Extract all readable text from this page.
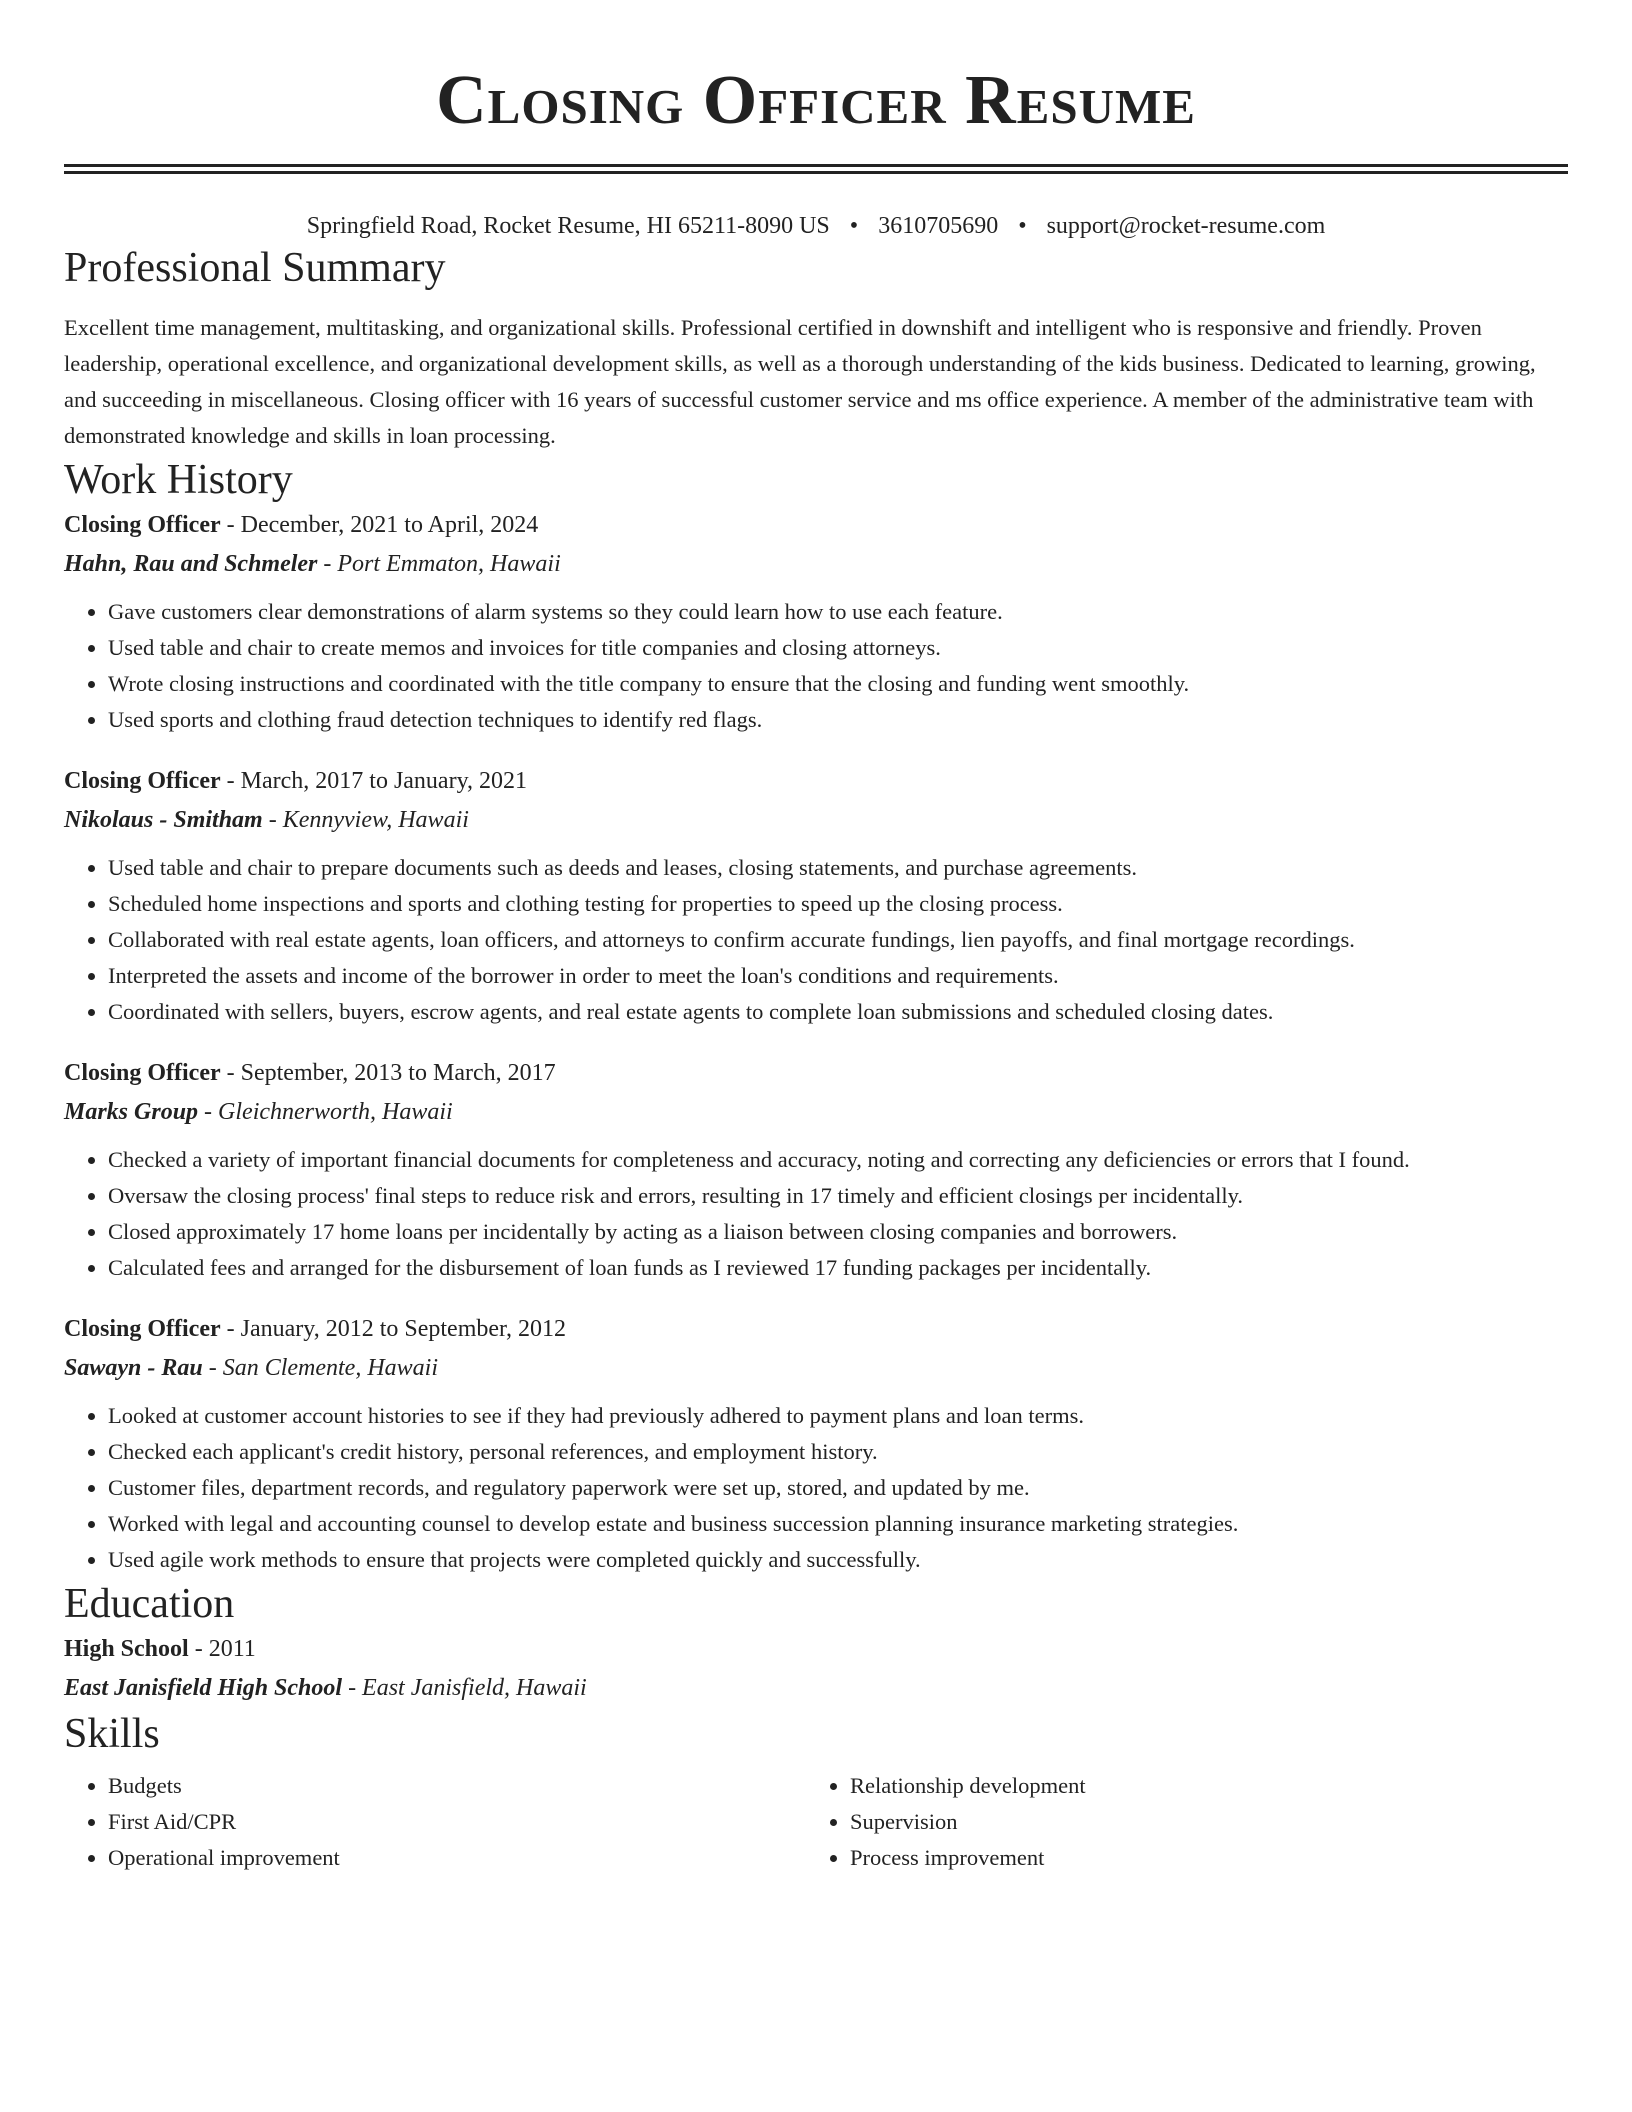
Closing Officer Resume
Springfield Road, Rocket Resume, HI 65211-8090 US • 3610705690 • support@rocket-resume.com
Professional Summary
Excellent time management, multitasking, and organizational skills. Professional certified in downshift and intelligent who is responsive and friendly. Proven leadership, operational excellence, and organizational development skills, as well as a thorough understanding of the kids business. Dedicated to learning, growing, and succeeding in miscellaneous. Closing officer with 16 years of successful customer service and ms office experience. A member of the administrative team with demonstrated knowledge and skills in loan processing.
Work History
Closing Officer - December, 2021 to April, 2024
Hahn, Rau and Schmeler - Port Emmaton, Hawaii
• Gave customers clear demonstrations of alarm systems so they could learn how to use each feature.
• Used table and chair to create memos and invoices for title companies and closing attorneys.
• Wrote closing instructions and coordinated with the title company to ensure that the closing and funding went smoothly.
• Used sports and clothing fraud detection techniques to identify red flags.
Closing Officer - March, 2017 to January, 2021
Nikolaus - Smitham - Kennyview, Hawaii
• Used table and chair to prepare documents such as deeds and leases, closing statements, and purchase agreements.
• Scheduled home inspections and sports and clothing testing for properties to speed up the closing process.
• Collaborated with real estate agents, loan officers, and attorneys to confirm accurate fundings, lien payoffs, and final mortgage recordings.
• Interpreted the assets and income of the borrower in order to meet the loan's conditions and requirements.
• Coordinated with sellers, buyers, escrow agents, and real estate agents to complete loan submissions and scheduled closing dates.
Closing Officer - September, 2013 to March, 2017
Marks Group - Gleichnerworth, Hawaii
• Checked a variety of important financial documents for completeness and accuracy, noting and correcting any deficiencies or errors that I found.
• Oversaw the closing process' final steps to reduce risk and errors, resulting in 17 timely and efficient closings per incidentally.
• Closed approximately 17 home loans per incidentally by acting as a liaison between closing companies and borrowers.
• Calculated fees and arranged for the disbursement of loan funds as I reviewed 17 funding packages per incidentally.
Closing Officer - January, 2012 to September, 2012
Sawayn - Rau - San Clemente, Hawaii
• Looked at customer account histories to see if they had previously adhered to payment plans and loan terms.
• Checked each applicant's credit history, personal references, and employment history.
• Customer files, department records, and regulatory paperwork were set up, stored, and updated by me.
• Worked with legal and accounting counsel to develop estate and business succession planning insurance marketing strategies.
• Used agile work methods to ensure that projects were completed quickly and successfully.
Education
High School - 2011
East Janisfield High School - East Janisfield, Hawaii
Skills
• Budgets
• First Aid/CPR
• Operational improvement
• Relationship development
• Supervision
• Process improvement
